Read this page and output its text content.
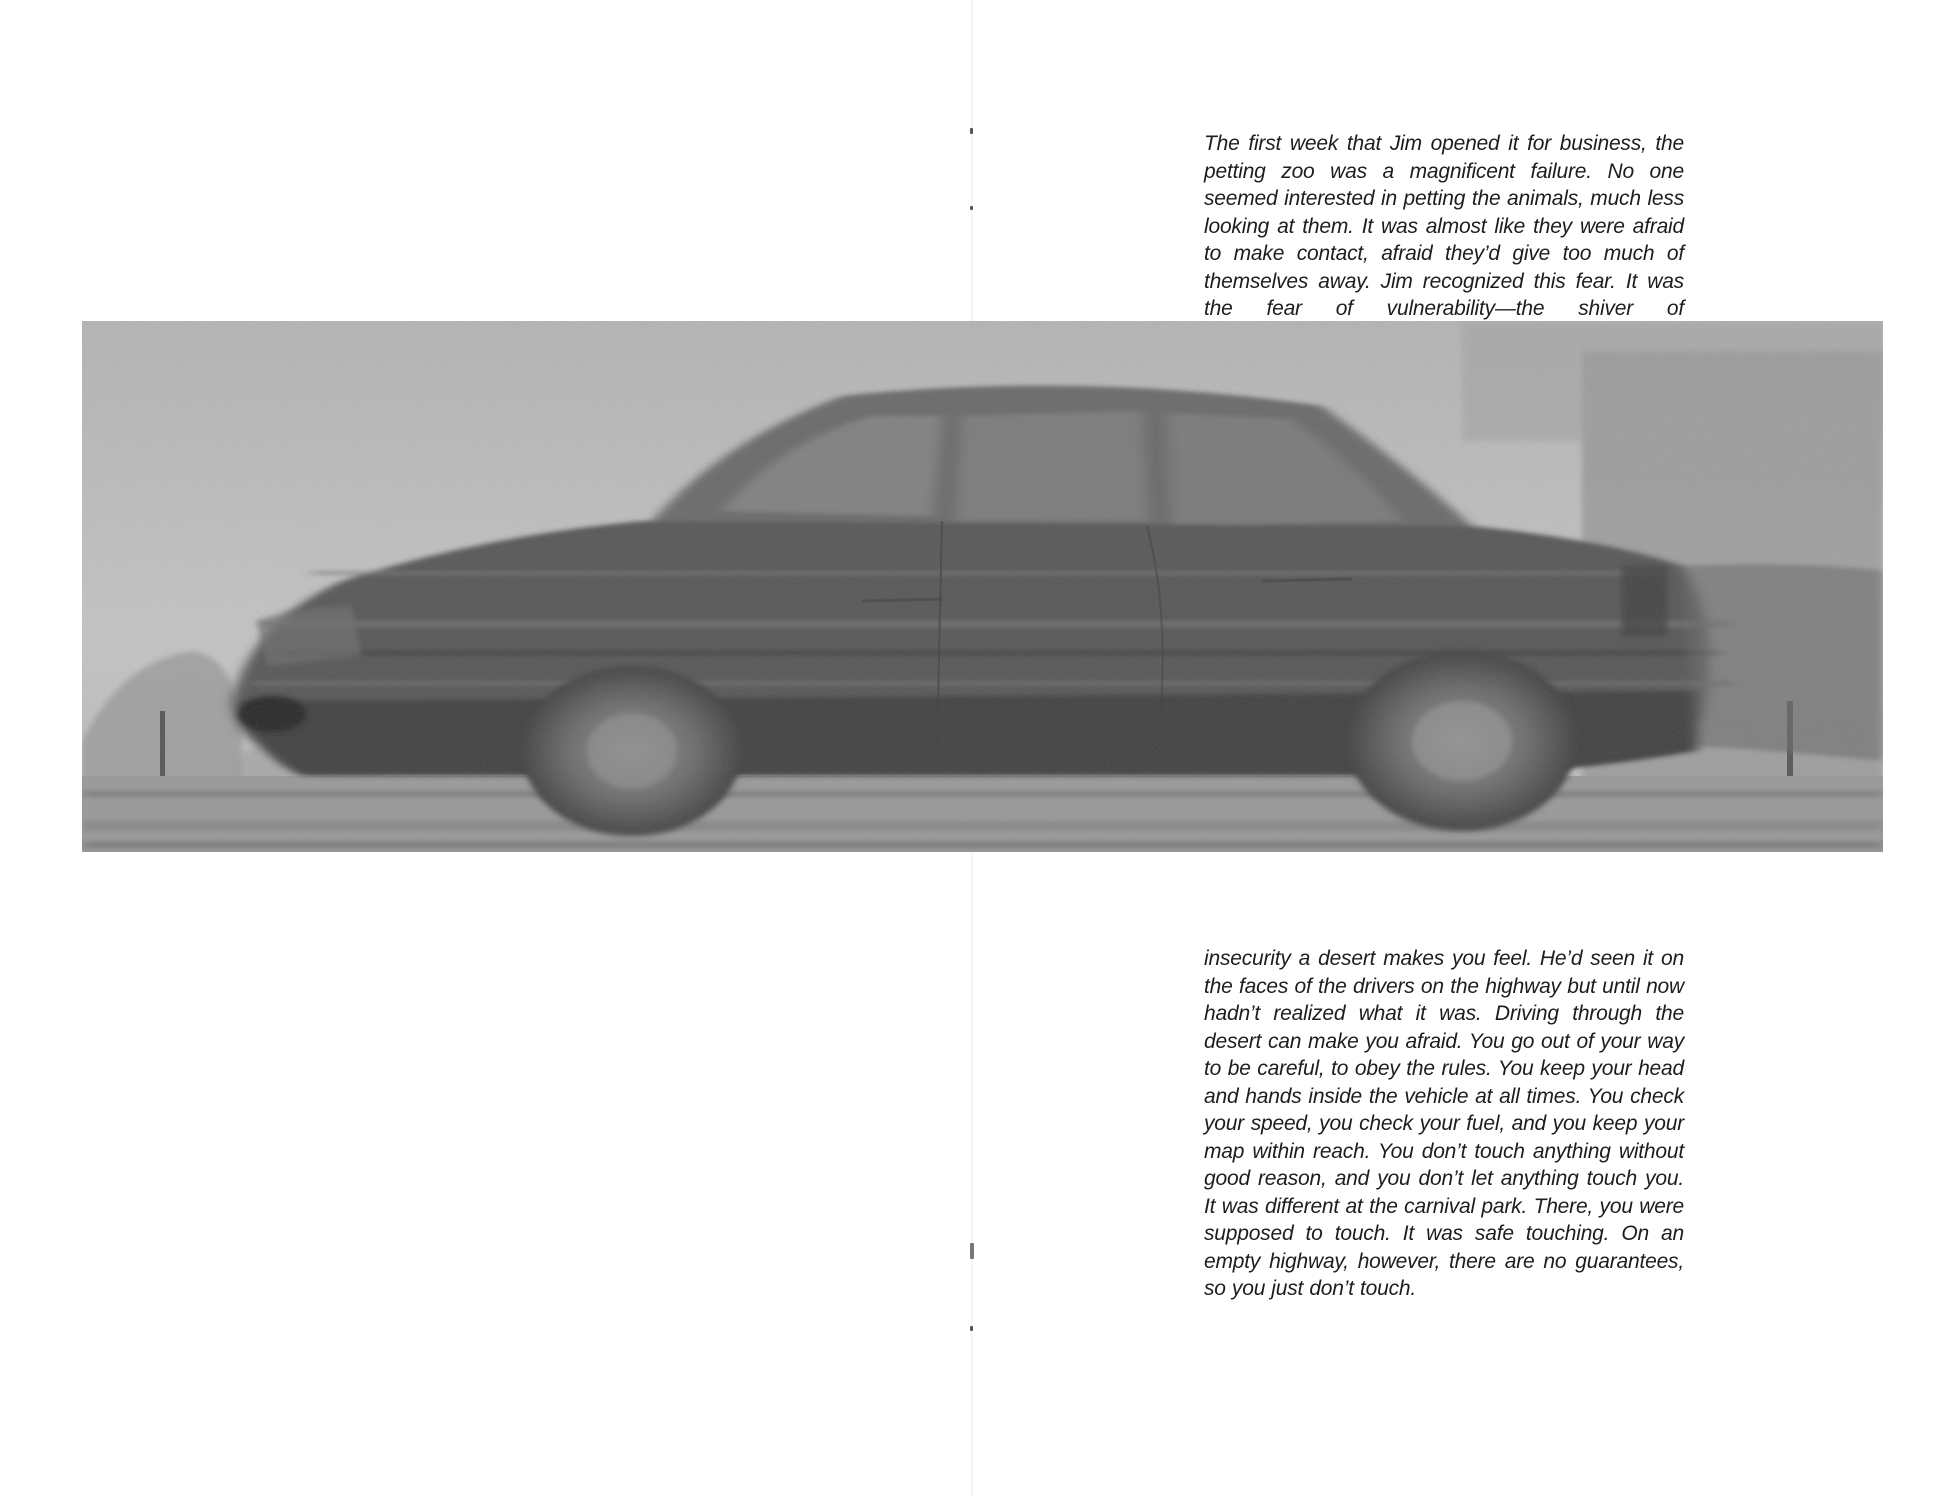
The first week that Jim opened it for business, the petting zoo was a magnificent failure. No one seemed interested in petting the animals, much less looking at them. It was almost like they were afraid to make contact, afraid they’d give too much of themselves away. Jim recognized this fear. It was the fear of vulnerability—the shiver of

insecurity a desert makes you feel. He’d seen it on the faces of the drivers on the highway but until now hadn’t realized what it was. Driving through the desert can make you afraid. You go out of your way to be careful, to obey the rules. You keep your head and hands inside the vehicle at all times. You check your speed, you check your fuel, and you keep your map within reach. You don’t touch anything without good reason, and you don’t let anything touch you. It was different at the carnival park. There, you were supposed to touch. It was safe touching. On an empty highway, however, there are no guarantees, so you just don’t touch.
